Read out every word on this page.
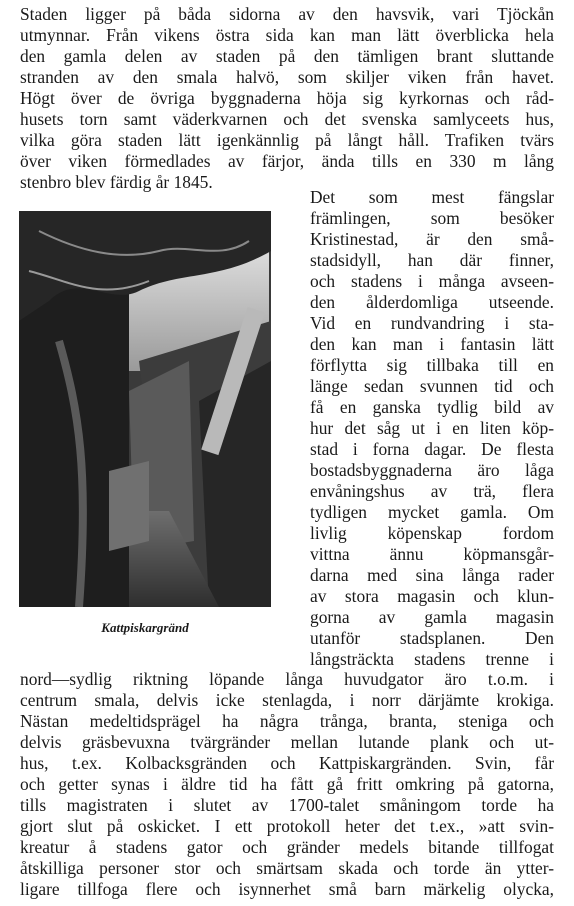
Staden ligger på båda sidorna av den havsvik, vari Tjöckån
utmynnar. Från vikens östra sida kan man lätt överblicka hela
den gamla delen av staden på den tämligen brant sluttande
stranden av den smala halvö, som skiljer viken från havet.
Högt över de övriga byggnaderna höja sig kyrkornas och råd-
husets torn samt väderkvarnen och det svenska samlyceets hus,
vilka göra staden lätt igenkännlig på långt håll. Trafiken tvärs
över viken förmedlades av färjor, ända tills en 330 m lång
stenbro blev färdig år 1845.
Kattpiskargränd
Det som mest fängslar
främlingen, som besöker
Kristinestad, är den små-
stadsidyll, han där finner,
och stadens i många avseen-
den ålderdomliga utseende.
Vid en rundvandring i sta-
den kan man i fantasin lätt
förflytta sig tillbaka till en
länge sedan svunnen tid och
få en ganska tydlig bild av
hur det såg ut i en liten köp-
stad i forna dagar. De flesta
bostadsbyggnaderna äro låga
envåningshus av trä, flera
tydligen mycket gamla. Om
livlig köpenskap fordom
vittna ännu köpmansgår-
darna med sina långa rader
av stora magasin och klun-
gorna av gamla magasin
utanför stadsplanen. Den
långsträckta stadens trenne i
nord—sydlig riktning löpande långa huvudgator äro t.o.m. i
centrum smala, delvis icke stenlagda, i norr därjämte krokiga.
Nästan medeltidsprägel ha några trånga, branta, steniga och
delvis gräsbevuxna tvärgränder mellan lutande plank och ut-
hus, t.ex. Kolbacksgränden och Kattpiskargränden. Svin, får
och getter synas i äldre tid ha fått gå fritt omkring på gatorna,
tills magistraten i slutet av 1700-talet småningom torde ha
gjort slut på oskicket. I ett protokoll heter det t.ex., »att svin-
kreatur å stadens gator och gränder medels bitande tillfogat
åtskilliga personer stor och smärtsam skada och torde än ytter-
ligare tillfoga flere och isynnerhet små barn märkelig olycka,
